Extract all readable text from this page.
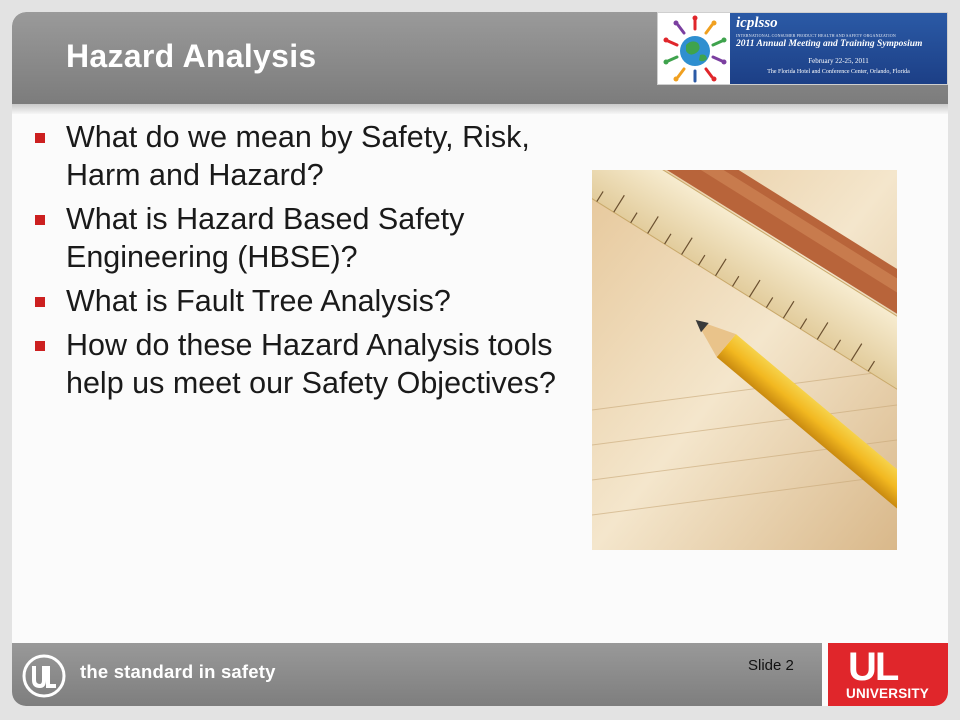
Hazard Analysis
icplsso
INTERNATIONAL CONSUMER PRODUCT HEALTH AND SAFETY ORGANIZATION
2011 Annual Meeting and Training Symposium
February 22-25, 2011
The Florida Hotel and Conference Center, Orlando, Florida
What do we mean by Safety, Risk, Harm and Hazard?
What is Hazard Based Safety Engineering (HBSE)?
What is Fault Tree Analysis?
How do these Hazard Analysis tools help us meet our Safety Objectives?
the standard in safety	Slide 2 UL
UNIVERSITY
